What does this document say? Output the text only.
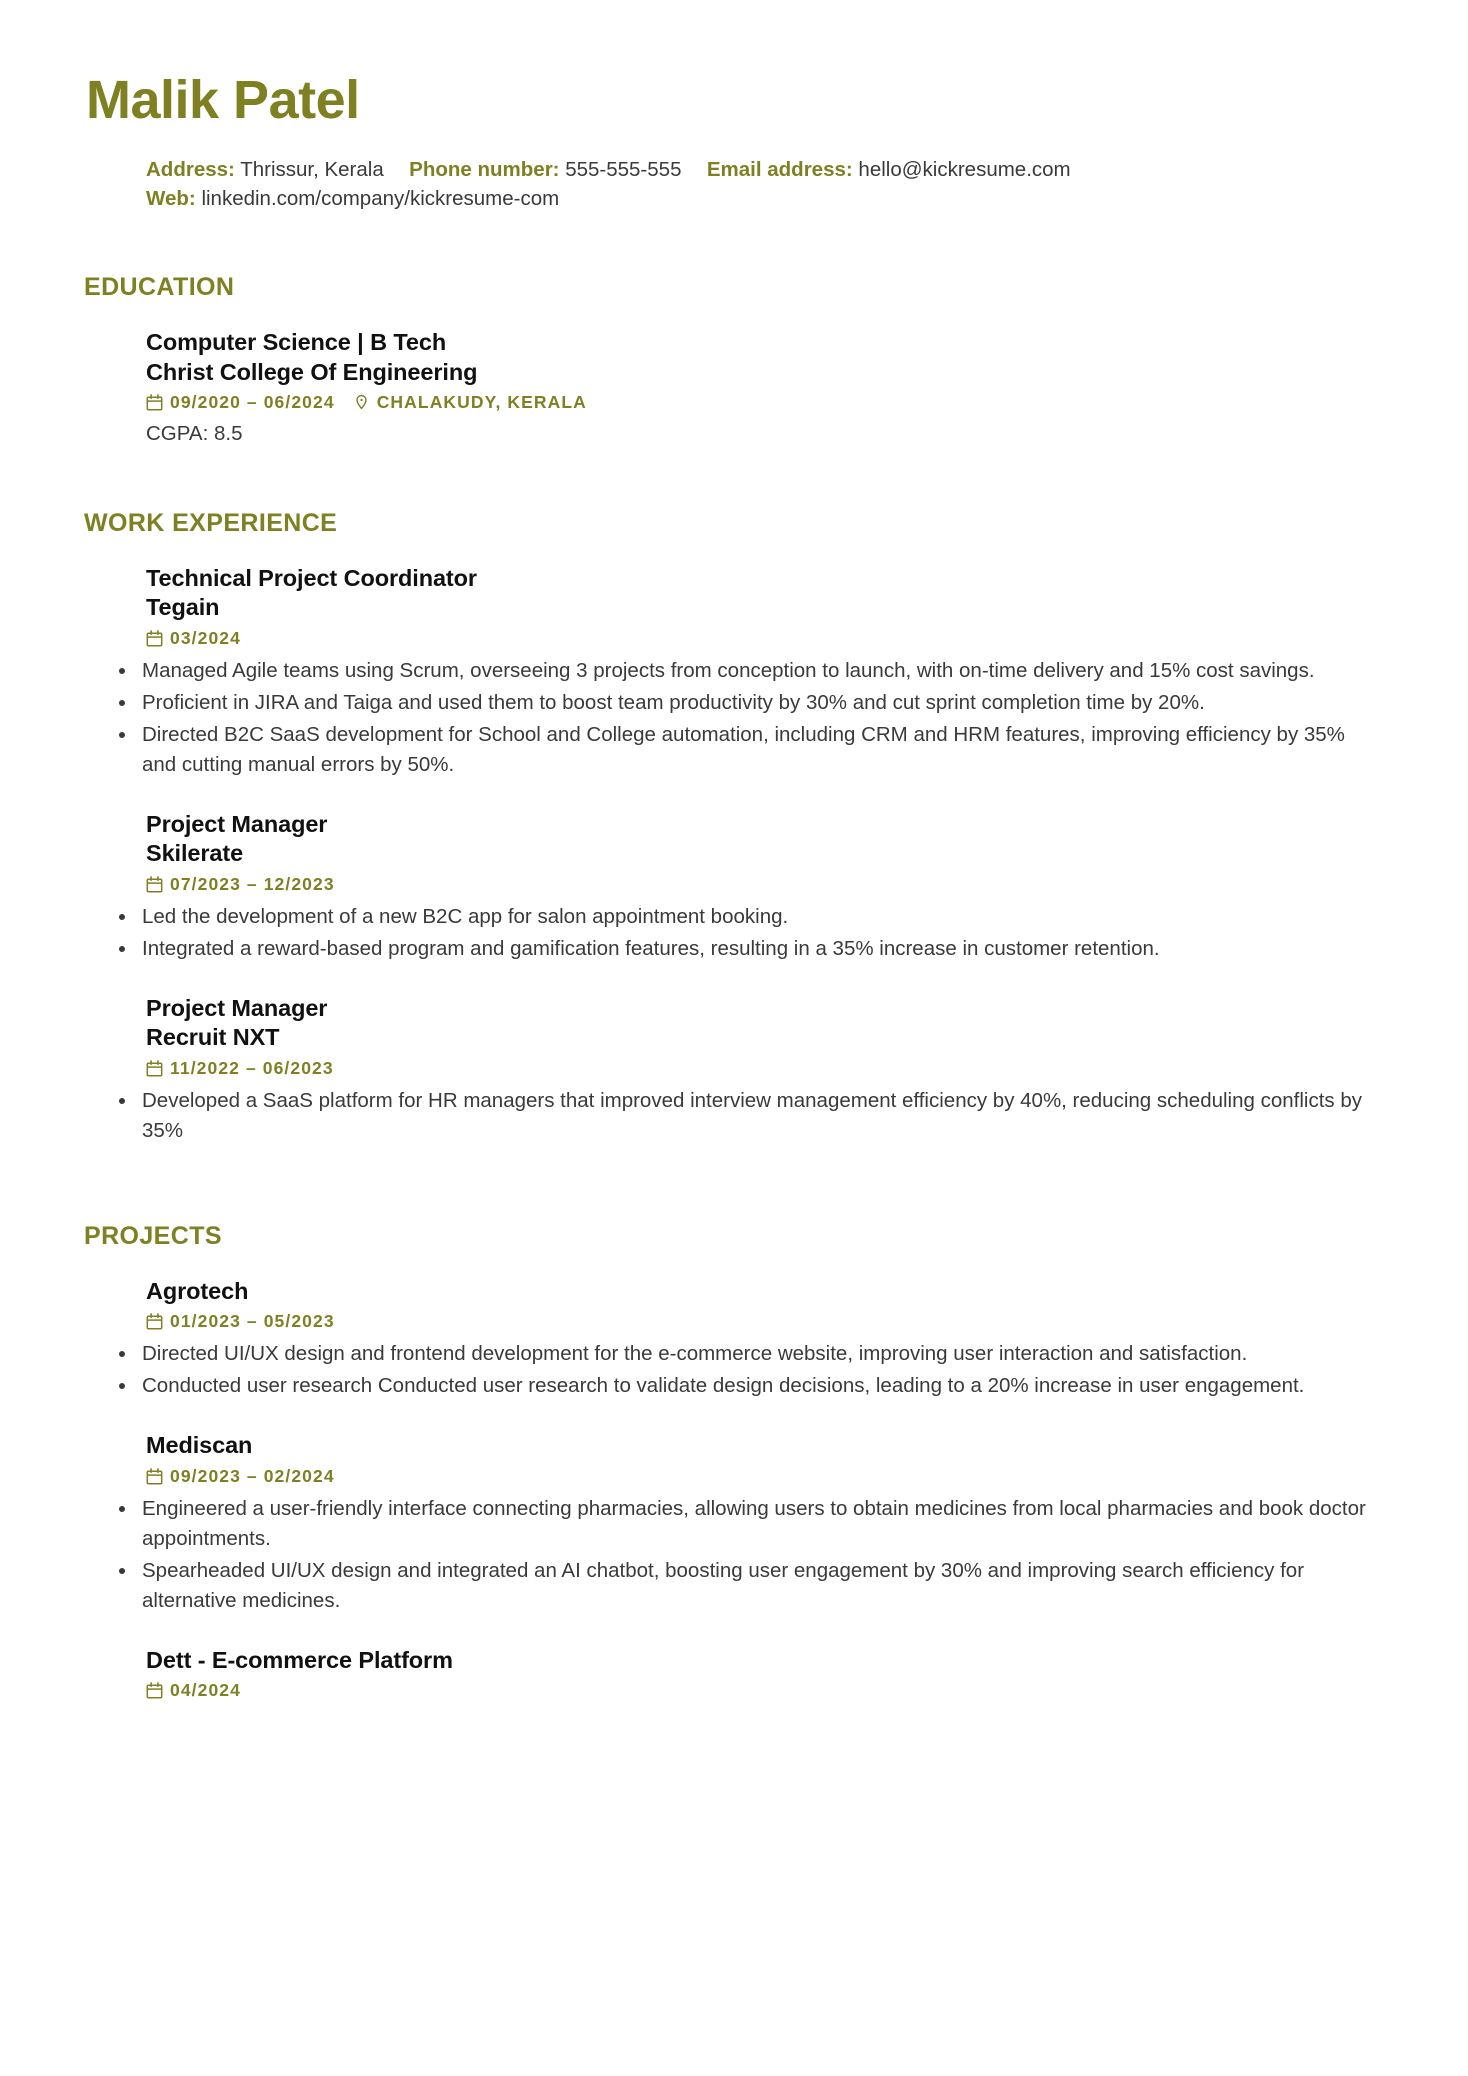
Malik Patel
Address: Thrissur, Kerala Phone number: 555-555-555 Email address: hello@kickresume.com
Web: linkedin.com/company/kickresume-com
EDUCATION
Computer Science | B Tech
Christ College Of Engineering
09/2020 – 06/2024 CHALAKUDY, KERALA
CGPA: 8.5
WORK EXPERIENCE
Technical Project Coordinator
Tegain
03/2024
Managed Agile teams using Scrum, overseeing 3 projects from conception to launch, with on-time delivery and 15% cost savings.
Proficient in JIRA and Taiga and used them to boost team productivity by 30% and cut sprint completion time by 20%.
Directed B2C SaaS development for School and College automation, including CRM and HRM features, improving efficiency by 35% and cutting manual errors by 50%.
Project Manager
Skilerate
07/2023 – 12/2023
Led the development of a new B2C app for salon appointment booking.
Integrated a reward-based program and gamification features, resulting in a 35% increase in customer retention.
Project Manager
Recruit NXT
11/2022 – 06/2023
Developed a SaaS platform for HR managers that improved interview management efficiency by 40%, reducing scheduling conflicts by 35%
PROJECTS
Agrotech
01/2023 – 05/2023
Directed UI/UX design and frontend development for the e-commerce website, improving user interaction and satisfaction.
Conducted user research Conducted user research to validate design decisions, leading to a 20% increase in user engagement.
Mediscan
09/2023 – 02/2024
Engineered a user-friendly interface connecting pharmacies, allowing users to obtain medicines from local pharmacies and book doctor appointments.
Spearheaded UI/UX design and integrated an AI chatbot, boosting user engagement by 30% and improving search efficiency for alternative medicines.
Dett - E-commerce Platform
04/2024
